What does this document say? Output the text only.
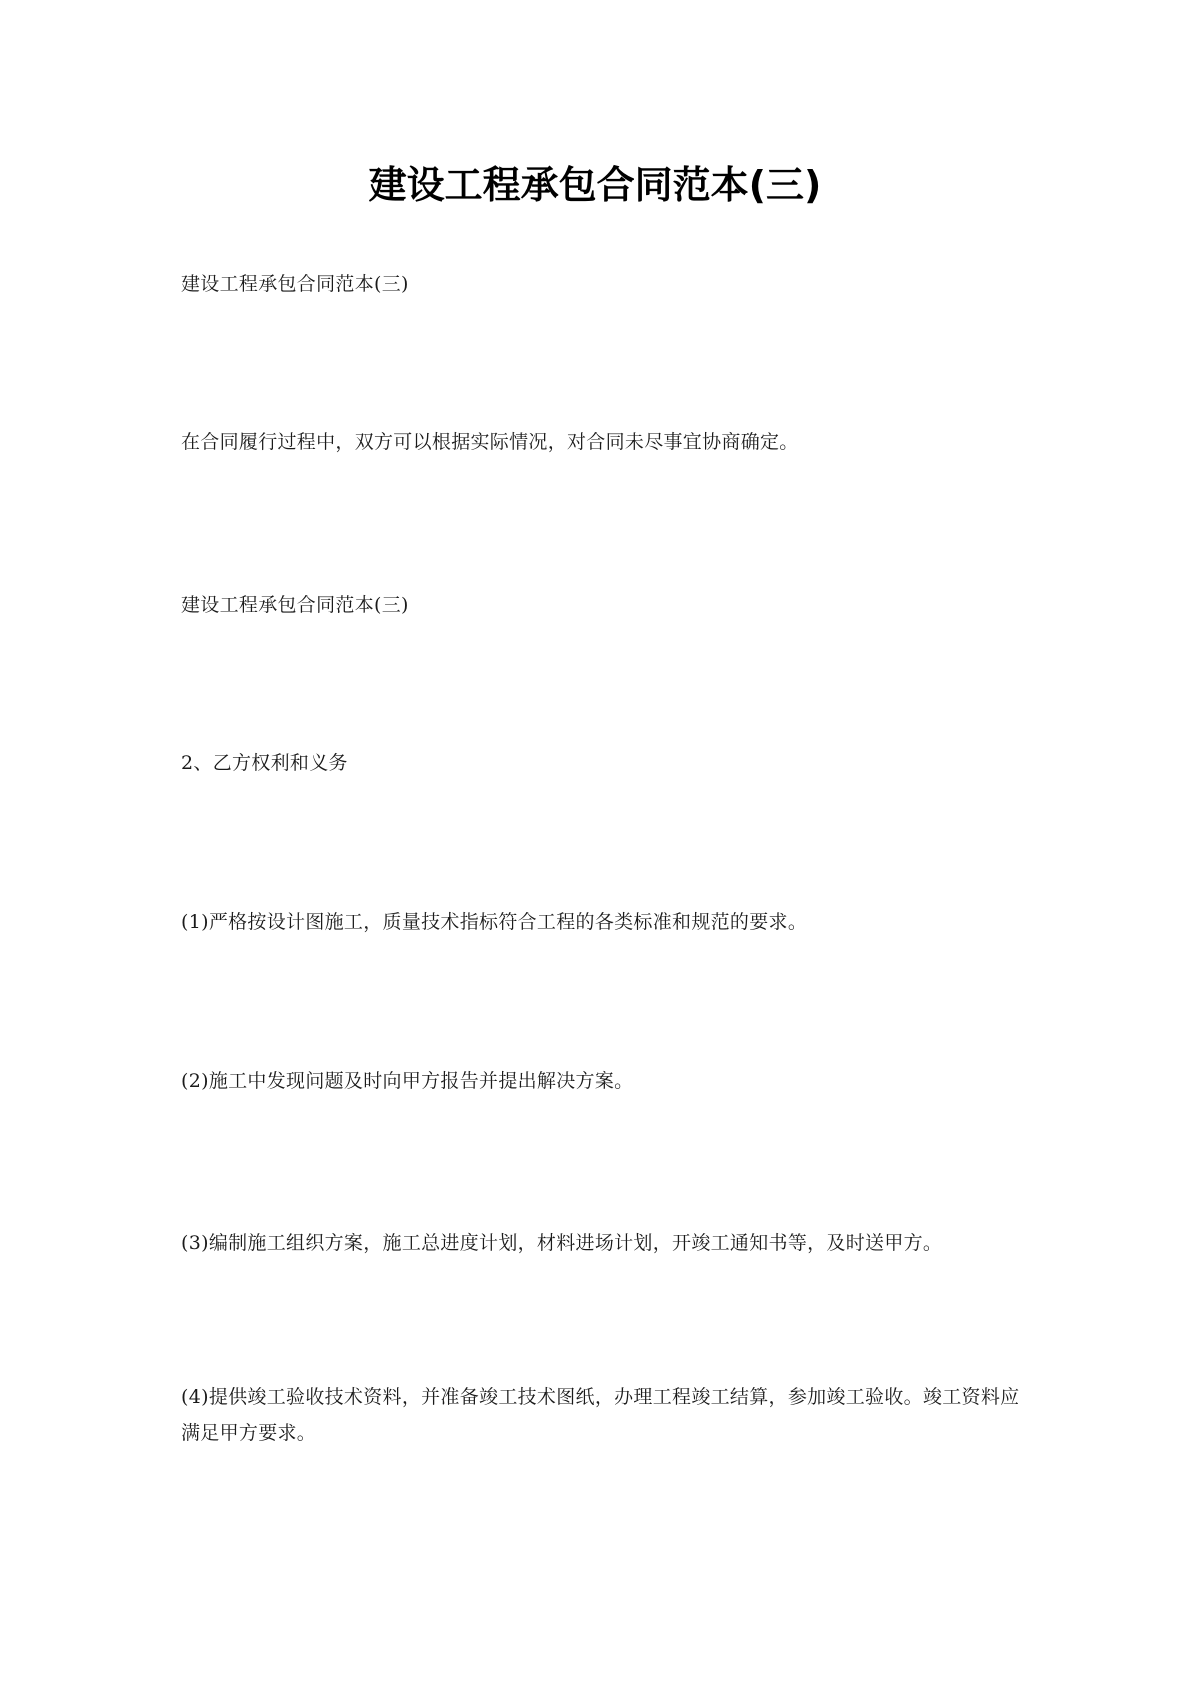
建设工程承包合同范本(三)

建设工程承包合同范本(三)

在合同履行过程中，双方可以根据实际情况，对合同未尽事宜协商确定。

建设工程承包合同范本(三)

2、乙方权利和义务

(1)严格按设计图施工，质量技术指标符合工程的各类标准和规范的要求。

(2)施工中发现问题及时向甲方报告并提出解决方案。

(3)编制施工组织方案，施工总进度计划，材料进场计划，开竣工通知书等，及时送甲方。

(4)提供竣工验收技术资料，并准备竣工技术图纸，办理工程竣工结算，参加竣工验收。竣工资料应满足甲方要求。
